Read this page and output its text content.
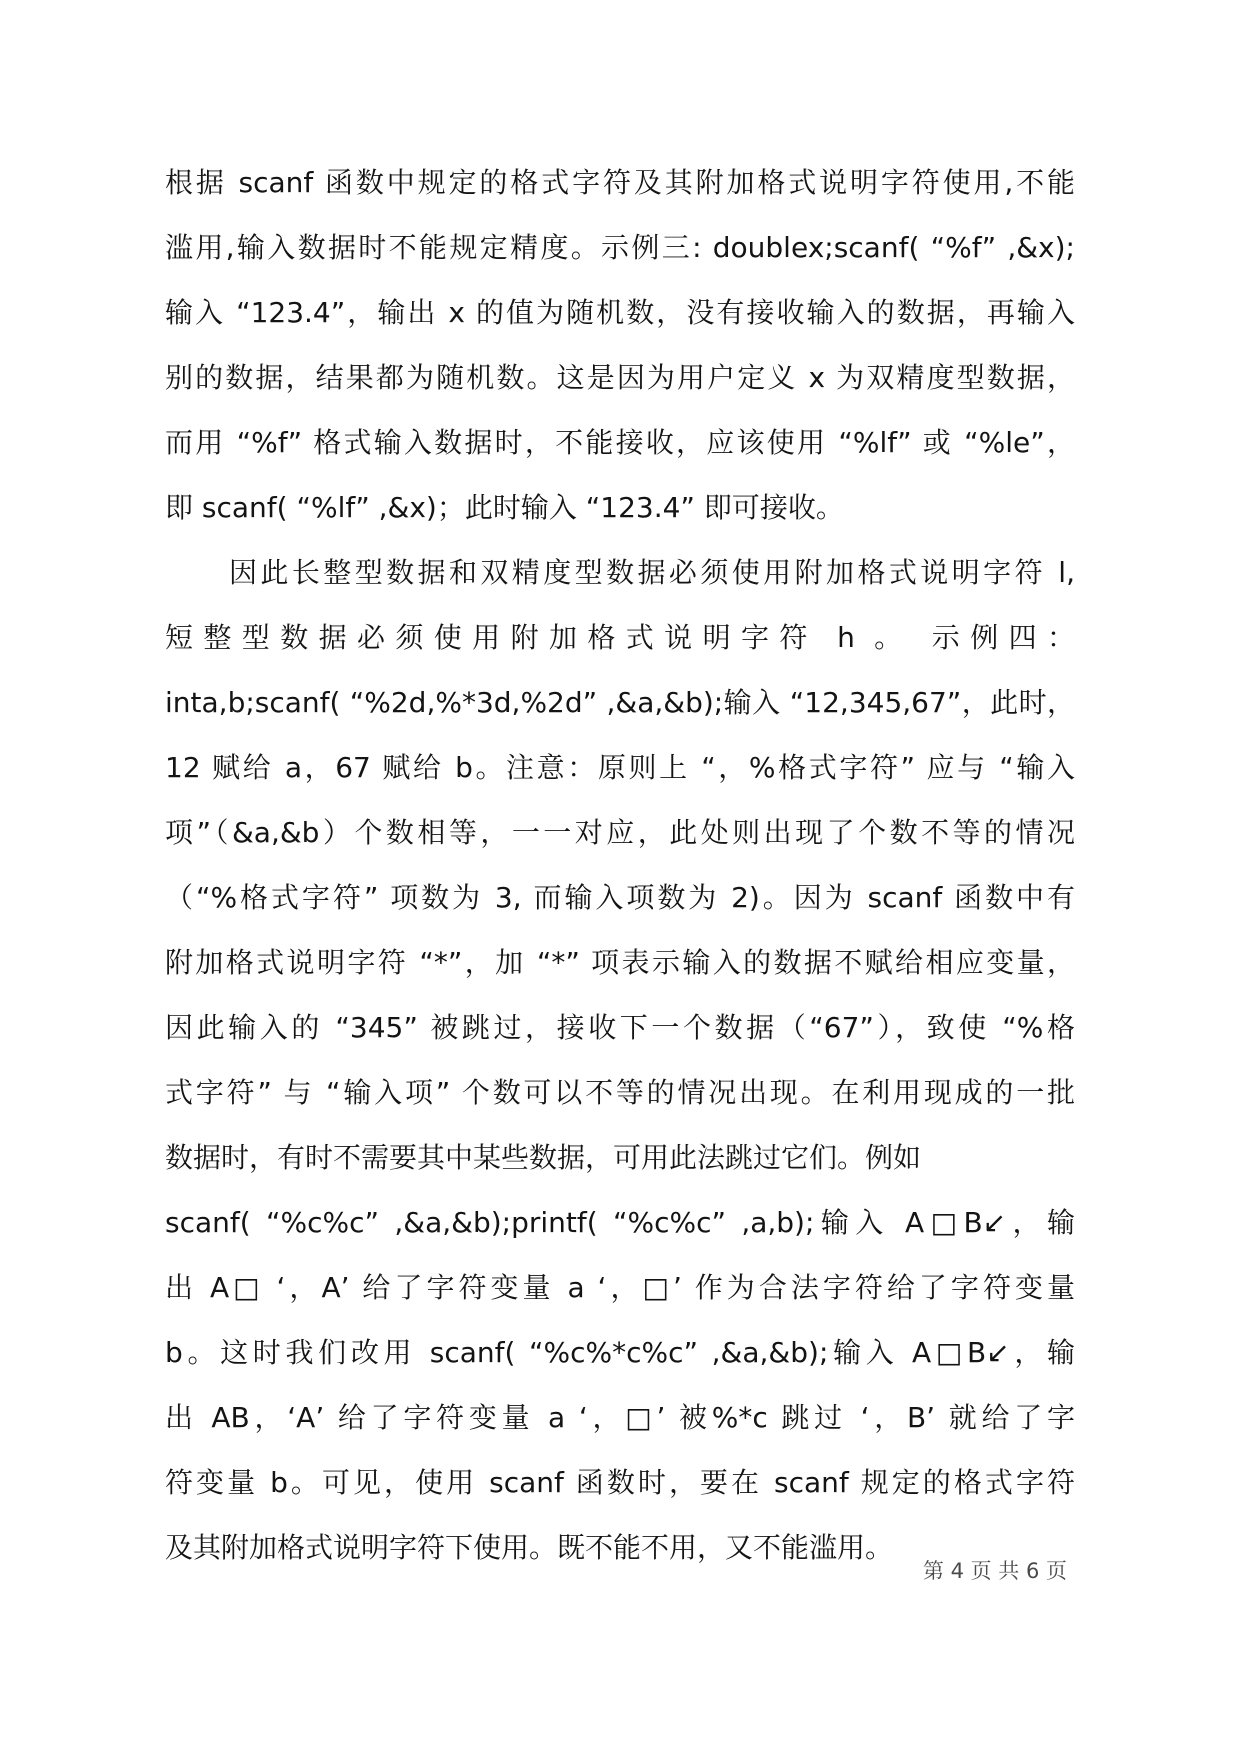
根据 scanf 函数中规定的格式字符及其附加格式说明字符使用,不能
滥用,输入数据时不能规定精度。示例三: doublex;scanf( “%f” ,&x);
输入 “123.4”，输出 x 的值为随机数，没有接收输入的数据，再输入
别的数据，结果都为随机数。这是因为用户定义 x 为双精度型数据，
而用 “%f” 格式输入数据时，不能接收，应该使用 “%lf” 或 “%le”，
即 scanf( “%lf” ,&x)；此时输入 “123.4” 即可接收。
因此长整型数据和双精度型数据必须使用附加格式说明字符 l,
短整型数据必须使用附加格式说明字符 h 。 示例四：
inta,b;scanf( “%2d,%*3d,%2d” ,&a,&b);输入 “12,345,67”，此时，
12 赋给 a，67 赋给 b。注意：原则上 “，%格式字符” 应与 “输入
项”（&a,&b）个数相等，一一对应，此处则出现了个数不等的情况
（“%格式字符” 项数为 3, 而输入项数为 2)。因为 scanf 函数中有
附加格式说明字符 “*”，加 “*” 项表示输入的数据不赋给相应变量，
因此输入的 “345” 被跳过，接收下一个数据（“67”），致使 “%格
式字符” 与 “输入项” 个数可以不等的情况出现。在利用现成的一批
数据时，有时不需要其中某些数据，可用此法跳过它们。例如
scanf( “%c%c” ,&a,&b);printf( “%c%c” ,a,b);输入 A□B↙，输
出 A□ ‘，A’ 给了字符变量 a ‘，□’ 作为合法字符给了字符变量
b。这时我们改用 scanf( “%c%*c%c” ,&a,&b);输入 A□B↙，输
出 AB，‘A’ 给了字符变量 a ‘，□’ 被%*c 跳过 ‘，B’ 就给了字
符变量 b。可见，使用 scanf 函数时，要在 scanf 规定的格式字符
及其附加格式说明字符下使用。既不能不用，又不能滥用。
第 4 页 共 6 页
